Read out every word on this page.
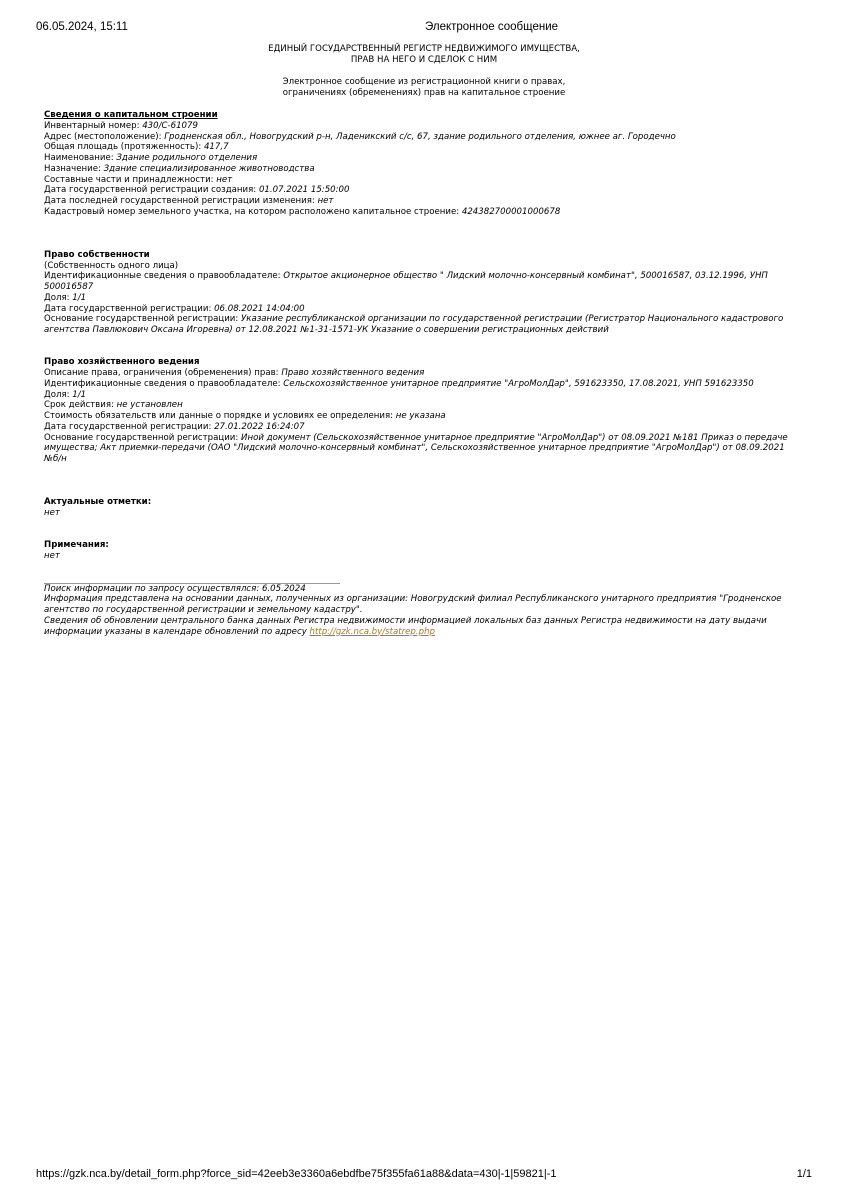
06.05.2024, 15:11	Электронное сообщение
ЕДИНЫЙ ГОСУДАРСТВЕННЫЙ РЕГИСТР НЕДВИЖИМОГО ИМУЩЕСТВА,
ПРАВ НА НЕГО И СДЕЛОК С НИМ
Электронное сообщение из регистрационной книги о правах,
ограничениях (обременениях) прав на капитальное строение
Сведения о капитальном строении
Инвентарный номер: 430/C-61079
Адрес (местоположение): Гродненская обл., Новогрудский р-н, Ладеникский с/с, 67, здание родильного отделения, южнее аг. Городечно
Общая площадь (протяженность): 417,7
Наименование: Здание родильного отделения
Назначение: Здание специализированное животноводства
Составные части и принадлежности: нет
Дата государственной регистрации создания: 01.07.2021 15:50:00
Дата последней государственной регистрации изменения: нет
Кадастровый номер земельного участка, на котором расположено капитальное строение: 424382700001000678
Право собственности
(Собственность одного лица)
Идентификационные сведения о правообладателе: Открытое акционерное общество " Лидский молочно-консервный комбинат", 500016587, 03.12.1996, УНП 500016587
Доля: 1/1
Дата государственной регистрации: 06.08.2021 14:04:00
Основание государственной регистрации: Указание республиканской организации по государственной регистрации (Регистратор Национального кадастрового агентства Павлюкович Оксана Игоревна) от 12.08.2021 №1-31-1571-УК Указание о совершении регистрационных действий
Право хозяйственного ведения
Описание права, ограничения (обременения) прав: Право хозяйственного ведения
Идентификационные сведения о правообладателе: Сельскохозяйственное унитарное предприятие "АгроМолДар", 591623350, 17.08.2021, УНП 591623350
Доля: 1/1
Срок действия: не установлен
Стоимость обязательств или данные о порядке и условиях ее определения: не указана
Дата государственной регистрации: 27.01.2022 16:24:07
Основание государственной регистрации: Иной документ (Сельскохозяйственное унитарное предприятие "АгроМолДар") от 08.09.2021 №181 Приказ о передаче имущества; Акт приемки-передачи (ОАО "Лидский молочно-консервный комбинат", Сельскохозяйственное унитарное предприятие "АгроМолДар") от 08.09.2021 №б/н
Актуальные отметки:
нет
Примечания:
нет
Поиск информации по запросу осуществлялся: 6.05.2024
Информация представлена на основании данных, полученных из организации: Новогрудский филиал Республиканского унитарного предприятия "Гродненское агентство по государственной регистрации и земельному кадастру".
Сведения об обновлении центрального банка данных Регистра недвижимости информацией локальных баз данных Регистра недвижимости на дату выдачи информации указаны в календаре обновлений по адресу http://gzk.nca.by/statrep.php
https://gzk.nca.by/detail_form.php?force_sid=42eeb3e3360a6ebdfbe75f355fa61a88&data=430|-1|59821|-1	1/1
